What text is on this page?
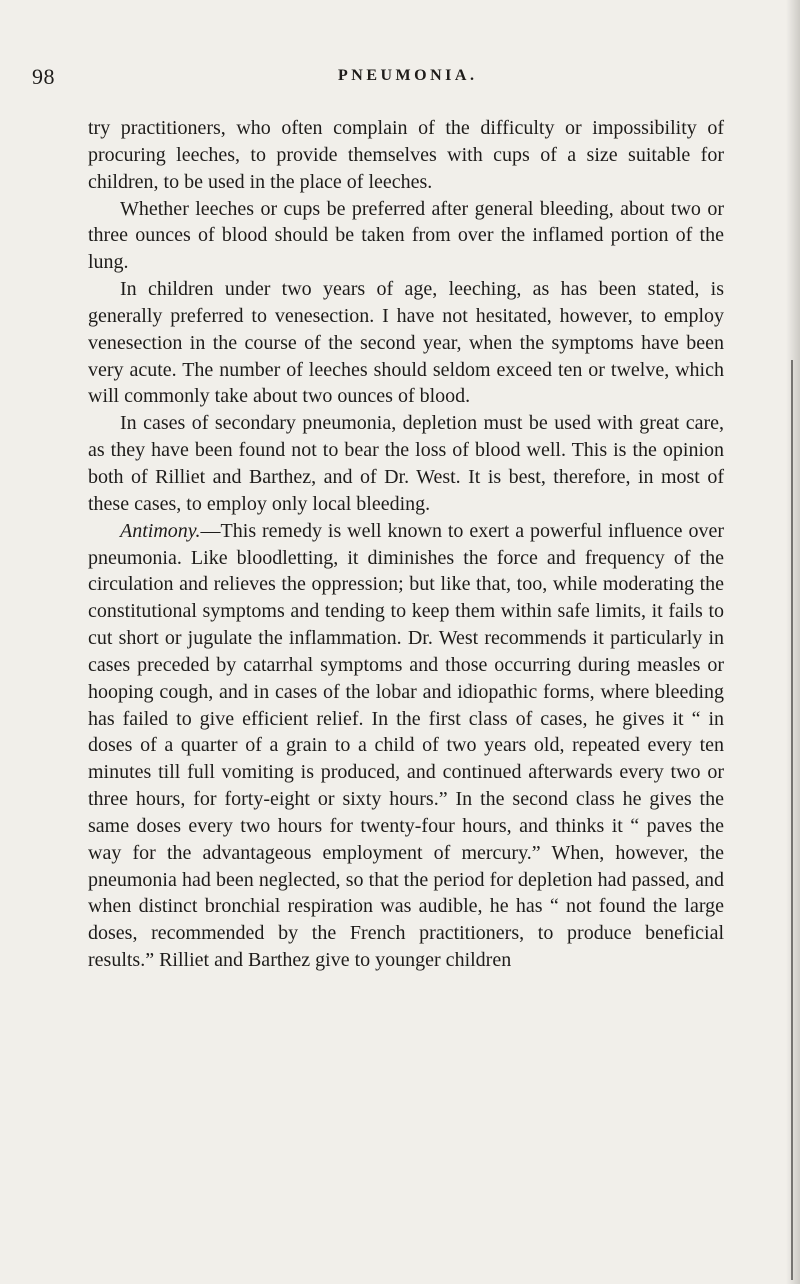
98	PNEUMONIA.

try practitioners, who often complain of the difficulty or impossibility of procuring leeches, to provide themselves with cups of a size suitable for children, to be used in the place of leeches.

Whether leeches or cups be preferred after general bleeding, about two or three ounces of blood should be taken from over the inflamed portion of the lung.

In children under two years of age, leeching, as has been stated, is generally preferred to venesection. I have not hesitated, however, to employ venesection in the course of the second year, when the symptoms have been very acute. The number of leeches should seldom exceed ten or twelve, which will commonly take about two ounces of blood.

In cases of secondary pneumonia, depletion must be used with great care, as they have been found not to bear the loss of blood well. This is the opinion both of Rilliet and Barthez, and of Dr. West. It is best, therefore, in most of these cases, to employ only local bleeding.

Antimony.—This remedy is well known to exert a powerful influence over pneumonia. Like bloodletting, it diminishes the force and frequency of the circulation and relieves the oppression; but like that, too, while moderating the constitutional symptoms and tending to keep them within safe limits, it fails to cut short or jugulate the inflammation. Dr. West recommends it particularly in cases preceded by catarrhal symptoms and those occurring during measles or hooping cough, and in cases of the lobar and idiopathic forms, where bleeding has failed to give efficient relief. In the first class of cases, he gives it “ in doses of a quarter of a grain to a child of two years old, repeated every ten minutes till full vomiting is produced, and continued afterwards every two or three hours, for forty-eight or sixty hours.” In the second class he gives the same doses every two hours for twenty-four hours, and thinks it “ paves the way for the advantageous employment of mercury.” When, however, the pneumonia had been neglected, so that the period for depletion had passed, and when distinct bronchial respiration was audible, he has “ not found the large doses, recommended by the French practitioners, to produce beneficial results.” Rilliet and Barthez give to younger children
